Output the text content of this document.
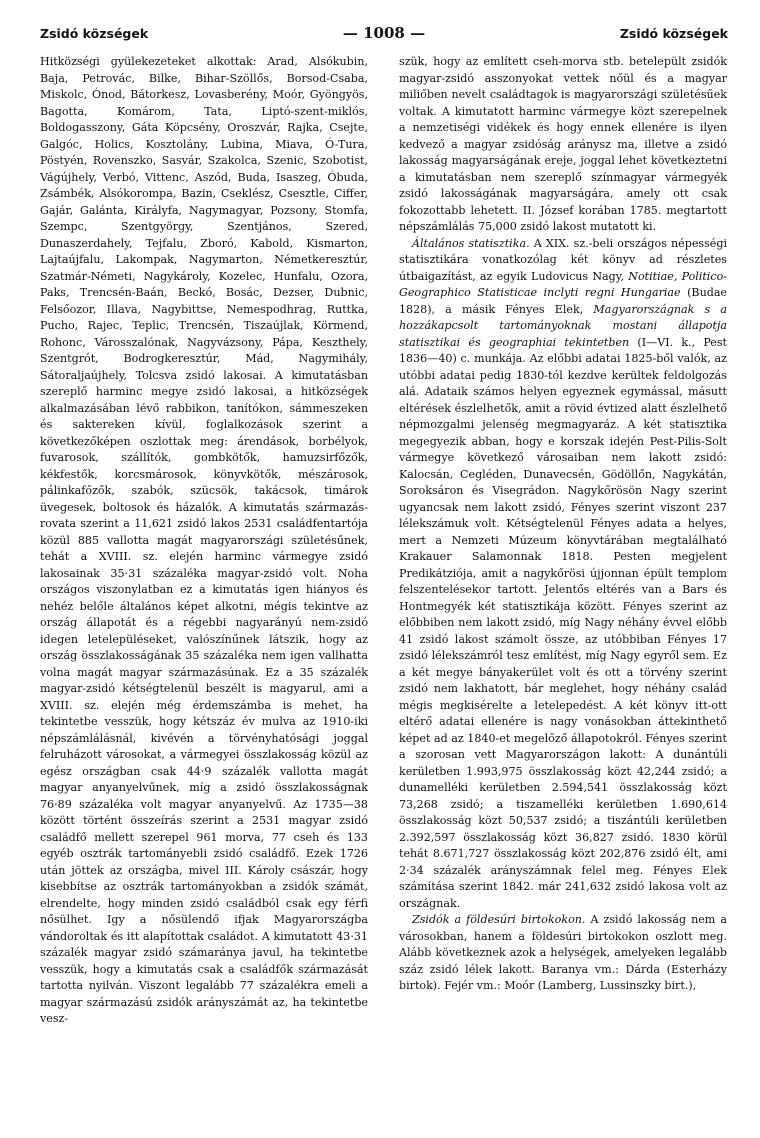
Zsidó községek	— 1008 —	Zsidó községek

Hitközségi gyülekezeteket alkottak: Arad, Alsókubin, Baja, Petrovác, Bilke, Bihar-Szöllős, Borsod-Csaba, Miskolc, Ónod, Bátorkesz, Lovasberény, Moór, Gyöngyös, Bagotta, Komárom, Tata, Liptó-szent-miklós, Boldogasszony, Gáta Köpcsény, Oroszvár, Rajka, Csejte, Galgóc, Holics, Kosztolány, Lubina, Miava, Ó-Tura, Pöstyén, Rovenszko, Sasvár, Szakolca, Szenic, Szobotist, Vágújhely, Verbó, Vittenc, Aszód, Buda, Isaszeg, Óbuda, Zsámbék, Alsókorompa, Bazin, Cseklész, Csesztle, Ciffer, Gajár, Galánta, Királyfa, Nagymagyar, Pozsony, Stomfa, Szempc, Szentgyörgy, Szentjános, Szered, Dunaszerdahely, Tejfalu, Zboró, Kabold, Kismarton, Lajtaújfalu, Lakompak, Nagymarton, Németkeresztúr, Szatmár-Németi, Nagykároly, Kozelec, Hunfalu, Ozora, Paks, Trencsén-Baán, Beckó, Bosác, Dezser, Dubnic, Felsőozor, Illava, Nagybittse, Nemespodhrag, Ruttka, Pucho, Rajec, Teplic, Trencsén, Tiszaújlak, Körmend, Rohonc, Városszalónak, Nagyvázsony, Pápa, Keszthely, Szentgrót, Bodrogkeresztúr, Mád, Nagymihály, Sátoraljaújhely, Tolcsva zsidó lakosai. A kimutatásban szereplő harminc megye zsidó lakosai, a hitközségek alkalmazásában lévő rabbikon, tanítókon, sámmeszeken és saktereken kívül, foglalkozások szerint a következőképen oszlottak meg: árendások, borbélyok, fuvarosok, szállítók, gombkötők, hamuzsirfőzők, kékfestők, korcsmárosok, könyvkötők, mészárosok, pálinkafőzők, szabók, szücsök, takácsok, timárok üvegesek, boltosok és házalók. A kimutatás származás-rovata szerint a 11,621 zsidó lakos 2531 családfentartója közül 885 vallotta magát magyarországi születésűnek, tehát a XVIII. sz. elején harminc vármegye zsidó lakosainak 35·31 százaléka magyar-zsidó volt. Noha országos viszonylatban ez a kimutatás igen hiányos és nehéz belőle általános képet alkotni, mégis tekintve az ország állapotát és a régebbi nagyarányú nem-zsidó idegen letelepüléseket, valószínűnek látszik, hogy az ország összlakosságának 35 százaléka nem igen vallhatta volna magát magyar származásúnak. Ez a 35 százalék magyar-zsidó kétségtelenül beszélt is magyarul, ami a XVIII. sz. elején még érdemszámba is mehet, ha tekintetbe vesszük, hogy kétszáz év mulva az 1910-iki népszámlálásnál, kivévén a törvényhatósági joggal felruházott városokat, a vármegyei összlakosság közül az egész országban csak 44·9 százalék vallotta magát magyar anyanyelvűnek, míg a zsidó összlakosságnak 76·89 százaléka volt magyar anyanyelvű. Az 1735—38 között történt összeírás szerint a 2531 magyar zsidó családfő mellett szerepel 961 morva, 77 cseh és 133 egyéb osztrák tartományebli zsidó családfő. Ezek 1726 után jöttek az országba, mivel III. Károly császár, hogy kisebbítse az osztrák tartományokban a zsidók számát, elrendelte, hogy minden zsidó családból csak egy férfi nősülhet. Igy a nősülendő ifjak Magyarországba vándoroltak és itt alapítottak családot. A kimutatott 43·31 százalék magyar zsidó számaránya javul, ha tekintetbe vesszük, hogy a kimutatás csak a családfők származását tartotta nyilván. Viszont legalább 77 százalékra emeli a magyar származású zsidók arányszámát az, ha tekintetbe vesz-

szük, hogy az említett cseh-morva stb. betelepült zsidók magyar-zsidó asszonyokat vettek nőül és a magyar miliőben nevelt családtagok is magyarországi születésűek voltak. A kimutatott harminc vármegye közt szerepelnek a nemzetiségi vidékek és hogy ennek ellenére is ilyen kedvező a magyar zsidóság aránysz ma, illetve a zsidó lakosság magyarságának ereje, joggal lehet következtetni a kimutatásban nem szereplő színmagyar vármegyék zsidó lakosságának magyarságára, amely ott csak fokozottabb lehetett. II. József korában 1785. megtartott népszámlálás 75,000 zsidó lakost mutatott ki.

Általános statisztika. A XIX. sz.-beli országos népességi statisztikára vonatkozólag két könyv ad részletes útbaigazítást, az egyik Ludovicus Nagy, Notitiae, Politico-Geographico Statisticae inclyti regni Hungariae (Budae 1828), a másik Fényes Elek, Magyarországnak s a hozzákapcsolt tartományoknak mostani állapotja statisztikai és geographiai tekintetben (I—VI. k., Pest 1836—40) c. munkája. Az előbbi adatai 1825-ből valók, az utóbbi adatai pedig 1830-tól kezdve kerültek feldolgozás alá. Adataik számos helyen egyeznek egymással, másutt eltérések észlelhetők, amit a rövid évtized alatt észlelhető népmozgalmi jelenség megmagyaráz. A két statisztika megegyezik abban, hogy e korszak idején Pest-Pilis-Solt vármegye következő városaiban nem lakott zsidó: Kalocsán, Cegléden, Dunavecsén, Gödöllőn, Nagykátán, Soroksáron és Visegrádon. Nagykőrösön Nagy szerint ugyancsak nem lakott zsidó, Fényes szerint viszont 237 lélekszámuk volt. Kétségtelenül Fényes adata a helyes, mert a Nemzeti Múzeum könyvtárában megtalálható Krakauer Salamonnak 1818. Pesten megjelent Predikátziója, amit a nagykőrösi újjonnan épült templom felszentelésekor tartott. Jelentős eltérés van a Bars és Hontmegyék két statisztikája között. Fényes szerint az előbbiben nem lakott zsidó, míg Nagy néhány évvel előbb 41 zsidó lakost számolt össze, az utóbbiban Fényes 17 zsidó lélekszámról tesz említést, míg Nagy egyről sem. Ez a két megye bányakerület volt és ott a törvény szerint zsidó nem lakhatott, bár meglehet, hogy néhány család mégis megkisérelte a letelepedést. A két könyv itt-ott eltérő adatai ellenére is nagy vonásokban áttekinthető képet ad az 1840-et megelőző állapotokról. Fényes szerint a szorosan vett Magyarországon lakott: A dunántúli kerületben 1.993,975 összlakosság közt 42,244 zsidó; a dunamelléki kerületben 2.594,541 összlakosság közt 73,268 zsidó; a tiszamelléki kerületben 1.690,614 összlakosság közt 50,537 zsidó; a tiszántúli kerületben 2.392,597 összlakosság közt 36,827 zsidó. 1830 körül tehát 8.671,727 összlakosság közt 202,876 zsidó élt, ami 2·34 százalék arányszámnak felel meg. Fényes Elek számítása szerint 1842. már 241,632 zsidó lakosa volt az országnak.

Zsidók a földesúri birtokokon. A zsidó lakosság nem a városokban, hanem a földesúri birtokokon oszlott meg. Alább következnek azok a helységek, amelyeken legalább száz zsidó lélek lakott. Baranya vm.: Dárda (Esterházy birtok). Fejér vm.: Moór (Lamberg, Lussinszky birt.),
